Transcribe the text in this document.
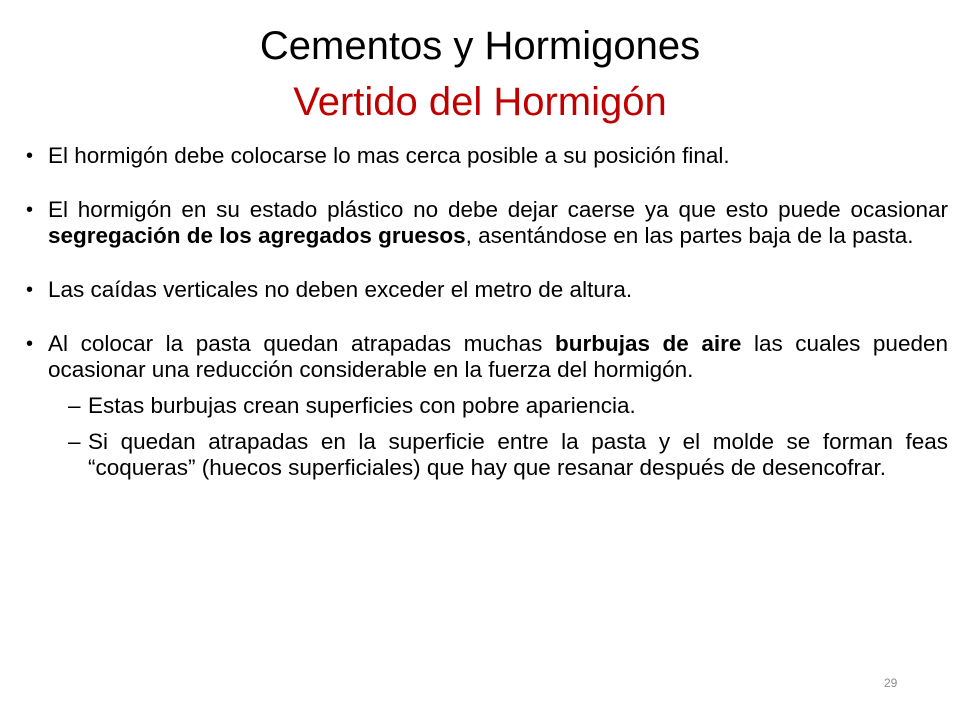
Cementos y Hormigones
Vertido del Hormigón
• El hormigón debe colocarse lo mas cerca posible a su posición final.
• El hormigón en su estado plástico no debe dejar caerse ya que esto puede ocasionar segregación de los agregados gruesos, asentándose en las partes baja de la pasta.
• Las caídas verticales no deben exceder el metro de altura.
• Al colocar la pasta quedan atrapadas muchas burbujas de aire las cuales pueden ocasionar una reducción considerable en la fuerza del hormigón.
– Estas burbujas crean superficies con pobre apariencia.
– Si quedan atrapadas en la superficie entre la pasta y el molde se forman feas “coqueras” (huecos superficiales) que hay que resanar después de desencofrar.
29
